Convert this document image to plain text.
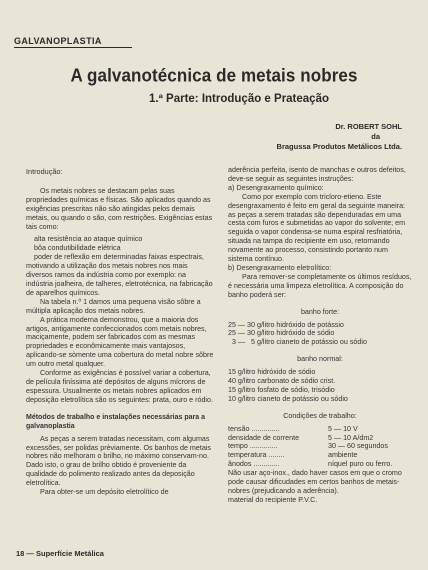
GALVANOPLASTIA
A galvanotécnica de metais nobres
1.ª Parte: Introdução e Prateação
Dr. ROBERT SOHL
da
Bragussa Produtos Metálicos Ltda.

Introdução:

Os metais nobres se destacam pelas suas propriedades químicas e físicas. São aplicados quando as exigências prescritas não são atingidas pelos demais metais, ou quando o são, com restrições. Exigências estas tais como:

alta resistência ao ataque químico

bôa condutibilidade elétrica

poder de reflexão em determinadas faixas espectrais,

motivando a utilização dos metais nobres nos mais diversos ramos da indústria como por exemplo: na indústria joalheira, de talheres, eletrotécnica, na fabricação de aparelhos químicos.

Na tabela n.º 1 damos uma pequena visão sôbre a múltipla aplicação dos metais nobres.

A prática moderna demonstrou, que a maioria dos artigos, antigamente confeccionados com metais nobres, maciçamente, podem ser fabricados com as mesmas propriedades e econômicamente mais vantajosos, aplicando-se sòmente uma cobertura do metal nobre sôbre um outro metal qualquer.

Conforme as exigências é possível variar a cobertura, de película finíssima até depósitos de alguns mícrons de espessura. Usualmente os metais nobres aplicados em deposição eletrolítica são os seguintes: prata, ouro e ródio.

Métodos de trabalho e instalações necessárias para a galvanoplastia

As peças a serem tratadas necessitam, com algumas excessões, ser polidas prèviamente. Os banhos de metais nobres não melhoram o brilho, no máximo conservam-no. Dado isto, o grau de brilho obtido é proveniente da qualidade do polimento realizado antes da deposição eletrolítica.

Para obter-se um depósito eletrolítico de

aderência perfeita, isento de manchas e outros defeitos, deve-se seguir as seguintes instruções:

a) Desengraxamento químico:

Como por exemplo com tricloro-etieno. Este desengraxamento é feito em geral da seguinte maneira: as peças a serem tratadas são dependuradas em uma cesta com furos e submetidas ao vapor do solvente; em seguida o vapor condensa-se numa espiral resfriatória, situada na tampa do recipiente em uso, retornando novamente ao processo, consistindo portanto num sistema contínuo.

b) Desengraxamento eletrolítico:

Para remover-se completamente os últimos resíduos, é necessária uma limpeza eletrolítica. A composição do banho poderá ser:

banho forte:

25 — 30 g/litro hidróxido de potássio

25 — 30 g/litro hidróxido de sódio

3 —   5 g/litro cianeto de potássio ou sódio

banho normal:

15 g/litro hidróxido de sódio

40 g/litro carbonato de sódio crist.

15 g/litro fosfato de sódio, trisódio

10 g/litro cianeto de potássio ou sódio

Condições de trabalho:

tensão ..............	5 — 10 V
densidade de corrente	5 — 10 A/dm2
tempo ..............	30 — 60 segundos
temperatura ........	ambiente
ânodos .............	níquel puro ou ferro.

Não usar aço-inox., dado haver casos em que o cromo pode causar dificudades em certos banhos de metais-nobres (prejudicando a aderência).

material do recipiente P.V.C.

18 — Superfície Metálica
